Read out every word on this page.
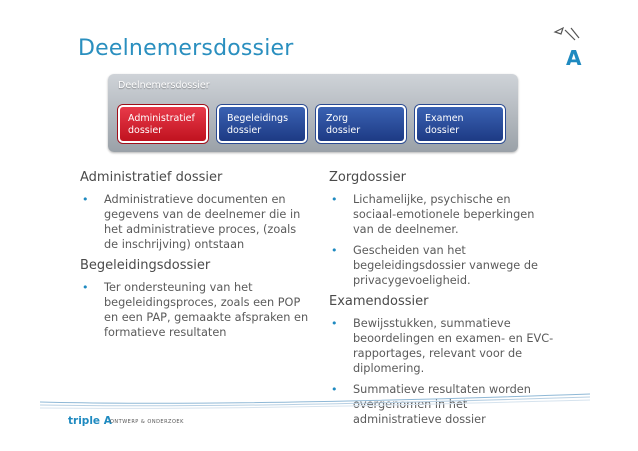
Deelnemersdossier	A
Deelnemersdossier
Administratief
dossier
Begeleidings
dossier
Zorg
dossier
Examen
dossier
Administratief dossier
• Administratieve documenten en gegevens van de deelnemer die in het administratieve proces, (zoals de inschrijving) ontstaan
Begeleidingsdossier
• Ter ondersteuning van het begeleidingsproces, zoals een POP en een PAP, gemaakte afspraken en formatieve resultaten
Zorgdossier
• Lichamelijke, psychische en sociaal-emotionele beperkingen van de deelnemer.
• Gescheiden van het begeleidingsdossier vanwege de privacygevoeligheid.
Examendossier
• Bewijsstukken, summatieve beoordelingen en examen- en EVC-rapportages, relevant voor de diplomering.
• Summatieve resultaten worden overgenomen in het administratieve dossier
triple A
ONTWERP & ONDERZOEK
